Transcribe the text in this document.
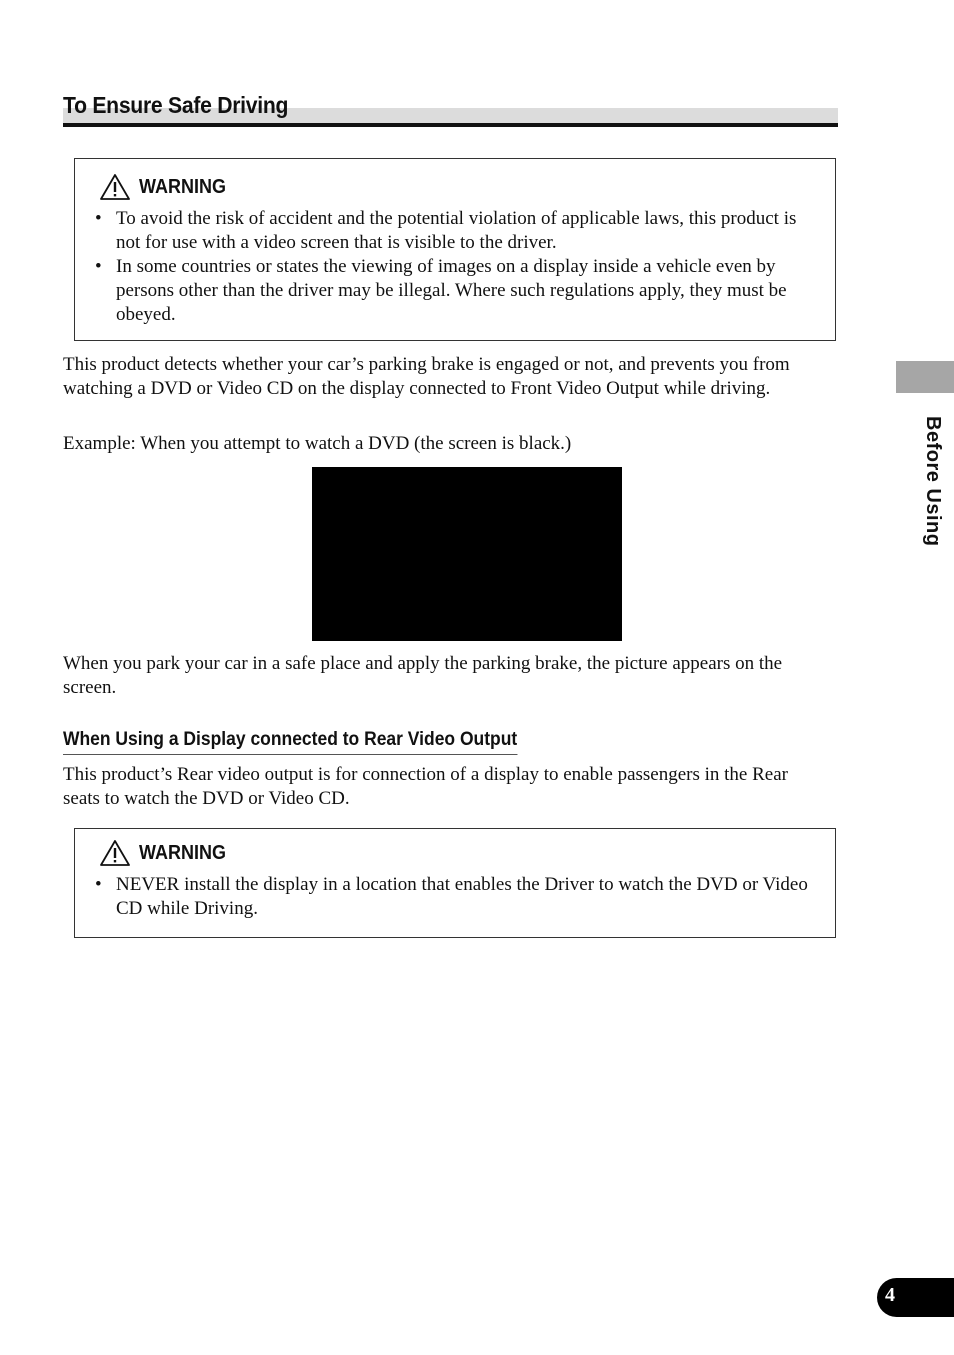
To Ensure Safe Driving
WARNING
• To avoid the risk of accident and the potential violation of applicable laws, this product is not for use with a video screen that is visible to the driver.
• In some countries or states the viewing of images on a display inside a vehicle even by persons other than the driver may be illegal. Where such regulations apply, they must be obeyed.

This product detects whether your car’s parking brake is engaged or not, and prevents you from watching a DVD or Video CD on the display connected to Front Video Output while driving.

Example: When you attempt to watch a DVD (the screen is black.)

When you park your car in a safe place and apply the parking brake, the picture appears on the screen.

When Using a Display connected to Rear Video Output

This product’s Rear video output is for connection of a display to enable passengers in the Rear seats to watch the DVD or Video CD.

WARNING
• NEVER install the display in a location that enables the Driver to watch the DVD or Video CD while Driving.
Before Using
4
